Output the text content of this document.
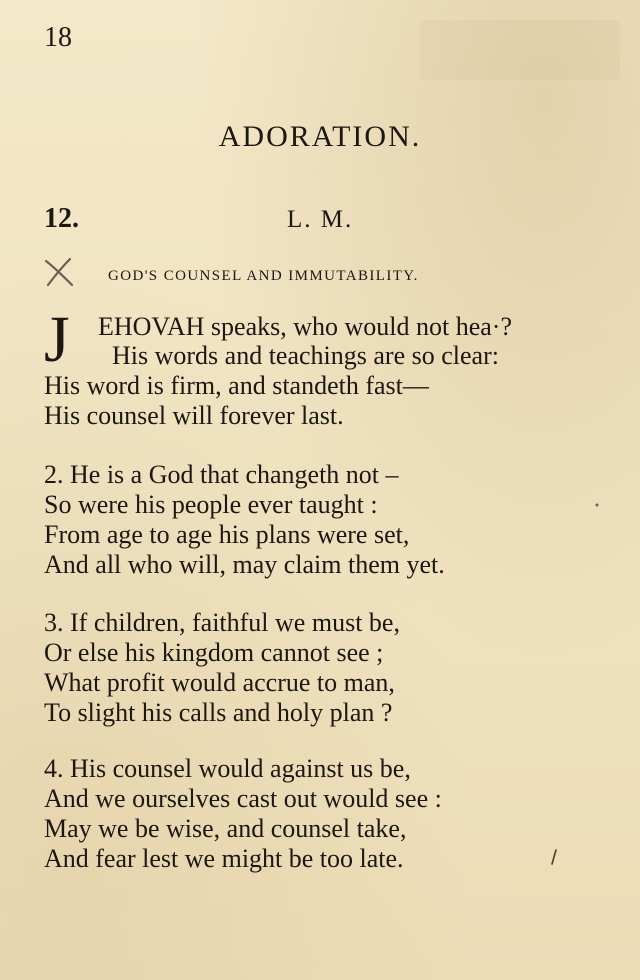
18
ADORATION.
12.	L. M.
GOD'S COUNSEL AND IMMUTABILITY.
J EHOVAH speaks, who would not hea·?
His words and teachings are so clear:
His word is firm, and standeth fast—
His counsel will forever last.
2. He is a God that changeth not –
So were his people ever taught :
From age to age his plans were set,
And all who will, may claim them yet.
3. If children, faithful we must be,
Or else his kingdom cannot see ;
What profit would accrue to man,
To slight his calls and holy plan ?
4. His counsel would against us be,
And we ourselves cast out would see :
May we be wise, and counsel take,
And fear lest we might be too late.
